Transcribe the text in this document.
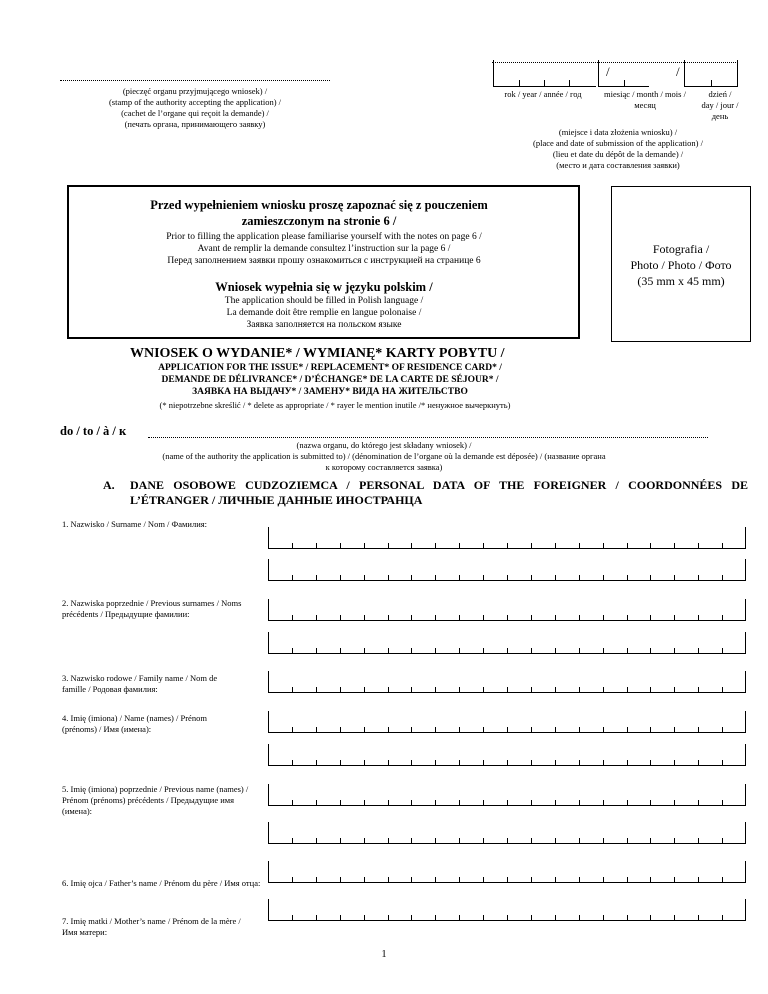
(pieczęć organu przyjmującego wniosek) /
(stamp of the authority accepting the application) /
(cachet de l’organe qui reçoit la demande) /
(печать органа, принимающего заявку)
/	/
rok / year / année / год	miesiąc / month / mois /
месяц
dzień /
day / jour /
день
(miejsce i data złożenia wniosku) /
(place and date of submission of the application) /
(lieu et date du dépôt de la demande) /
(место и дата составления заявки)
Przed wypełnieniem wniosku proszę zapoznać się z pouczeniem zamieszczonym na stronie 6 /
Prior to filling the application please familiarise yourself with the notes on page 6 /
Avant de remplir la demande consultez l’instruction sur la page 6 /
Перед заполнением заявки прошу ознакомиться с инструкцией на странице 6
Wniosek wypełnia się w języku polskim /
The application should be filled in Polish language /
La demande doit être remplie en langue polonaise /
Заявка заполняется на польском языке
Fotografia /
Photo / Photo / Фото
(35 mm x 45 mm)
WNIOSEK O WYDANIE* / WYMIANĘ* KARTY POBYTU /
APPLICATION FOR THE ISSUE* / REPLACEMENT* OF RESIDENCE CARD* /
DEMANDE DE DÉLIVRANCE* / D’ÉCHANGE* DE LA CARTE DE SÉJOUR* /
ЗАЯВКА НА ВЫДАЧУ* / ЗАМЕНУ* ВИДА НА ЖИТЕЛЬСТВО
(* niepotrzebne skreślić / * delete as appropriate / * rayer le mention inutile /* ненужное вычеркнуть)
do / to / à / к
(nazwa organu, do którego jest składany wniosek) /
(name of the authority the application is submitted to) / (dénomination de l’organe où la demande est déposée) / (название органа
к которому составляется заявка)
A. DANE OSOBOWE CUDZOZIEMCA / PERSONAL DATA OF THE FOREIGNER / COORDONNÉES DE L’ÉTRANGER / ЛИЧНЫЕ ДАННЫЕ ИНОСТРАНЦА
1. Nazwisko / Surname / Nom / Фамилия:
2. Nazwiska poprzednie / Previous surnames / Noms précédents / Предыдущие фамилии:
3. Nazwisko rodowe / Family name / Nom de famille / Родовая фамилия:
4. Imię (imiona) / Name (names) / Prénom (prénoms) / Имя (имена):
5. Imię (imiona) poprzednie / Previous name (names) / Prénom (prénoms) précédents / Предыдущие имя (имена):
6. Imię ojca / Father’s name / Prénom du père / Имя отца:
7. Imię matki / Mother’s name / Prénom de la mère / Имя матери:
1
